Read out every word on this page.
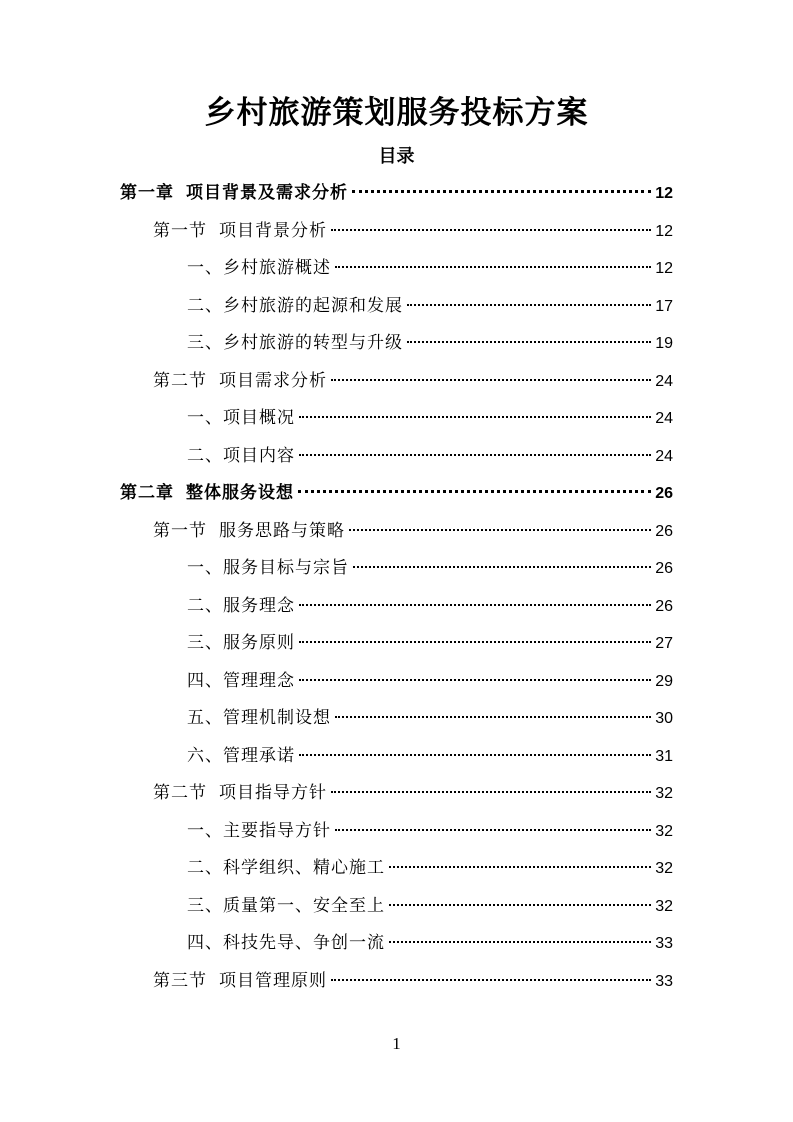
乡村旅游策划服务投标方案
目录
第一章 项目背景及需求分析	12
第一节 项目背景分析	12
一、乡村旅游概述	12
二、乡村旅游的起源和发展	17
三、乡村旅游的转型与升级	19
第二节 项目需求分析	24
一、项目概况	24
二、项目内容	24
第二章 整体服务设想	26
第一节 服务思路与策略	26
一、服务目标与宗旨	26
二、服务理念	26
三、服务原则	27
四、管理理念	29
五、管理机制设想	30
六、管理承诺	31
第二节 项目指导方针	32
一、主要指导方针	32
二、科学组织、精心施工	32
三、质量第一、安全至上	32
四、科技先导、争创一流	33
第三节 项目管理原则	33
1
